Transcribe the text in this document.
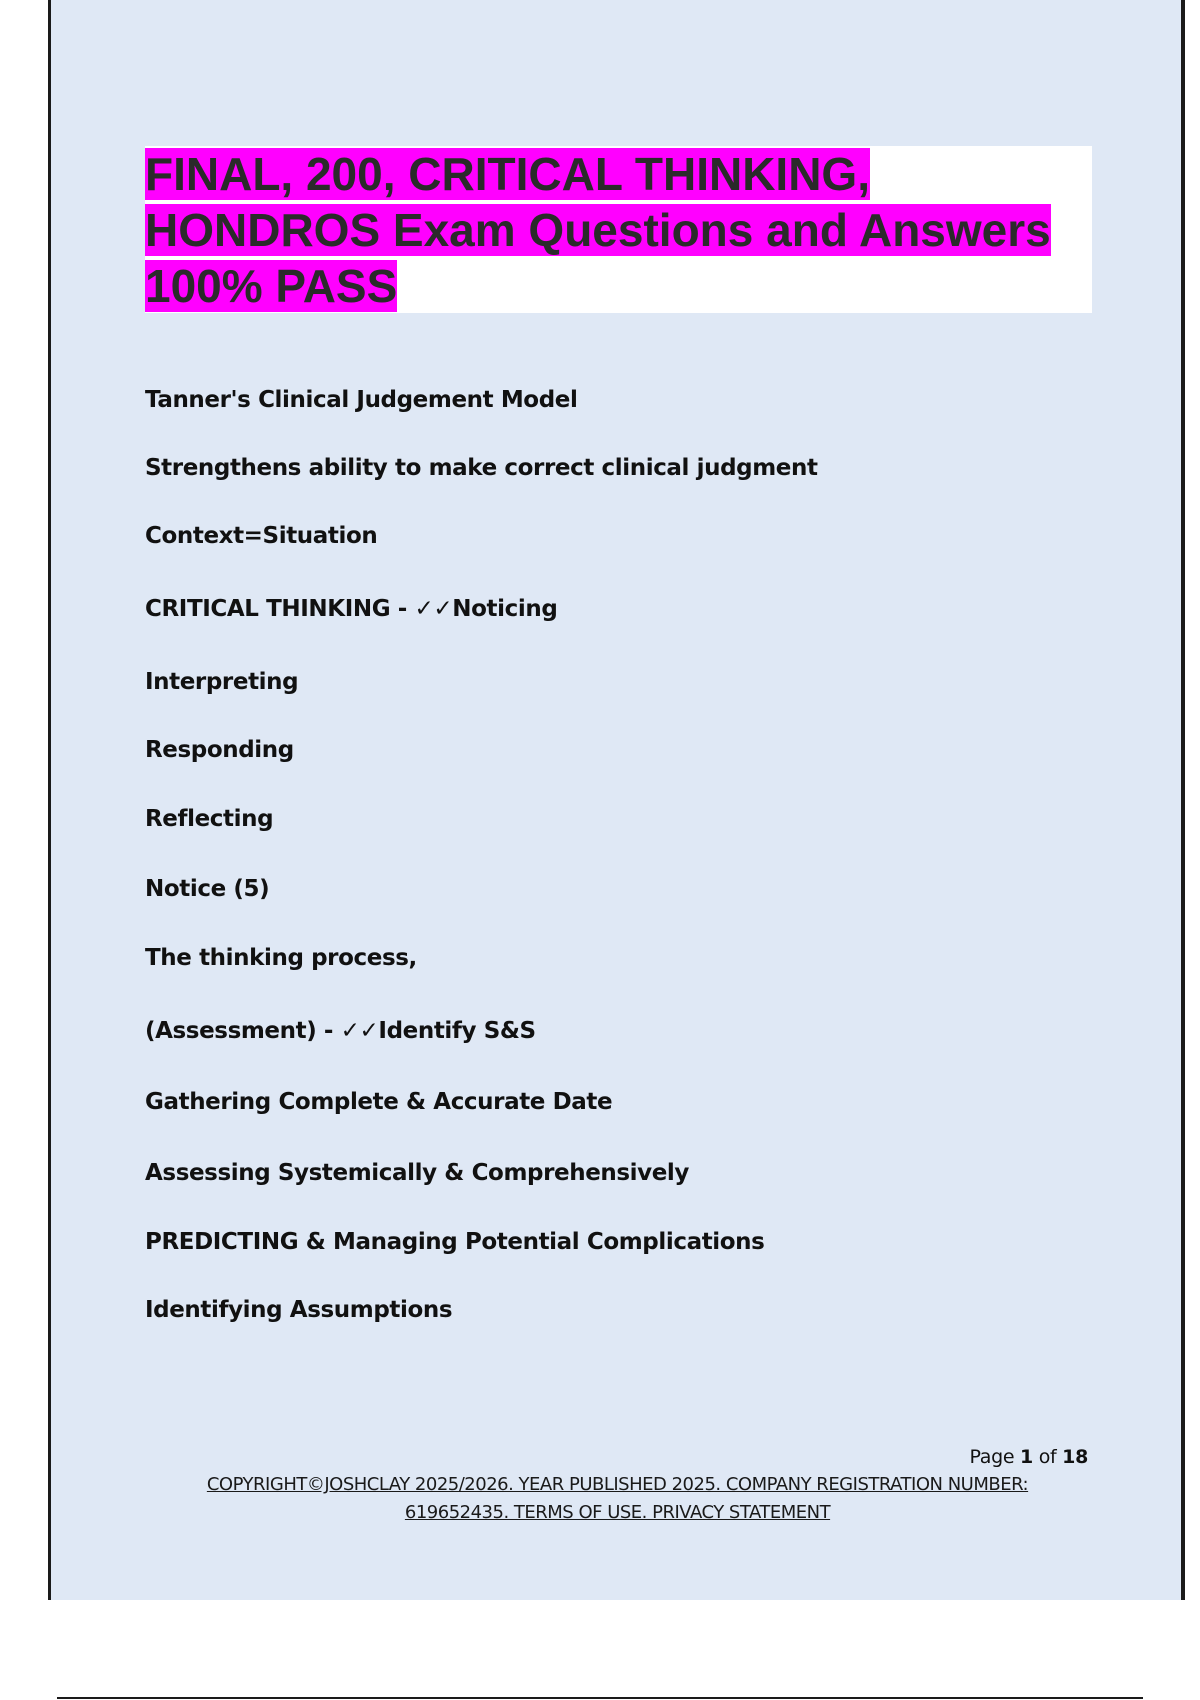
FINAL, 200, CRITICAL THINKING, HONDROS Exam Questions and Answers 100% PASS

Tanner's Clinical Judgement Model

Strengthens ability to make correct clinical judgment

Context=Situation

CRITICAL THINKING - ✓✓Noticing

Interpreting

Responding

Reflecting

Notice (5)

The thinking process,

(Assessment) - ✓✓Identify S&S

Gathering Complete & Accurate Date

Assessing Systemically & Comprehensively

PREDICTING & Managing Potential Complications

Identifying Assumptions

Page 1 of 18
COPYRIGHT©JOSHCLAY 2025/2026. YEAR PUBLISHED 2025. COMPANY REGISTRATION NUMBER: 619652435. TERMS OF USE. PRIVACY STATEMENT
